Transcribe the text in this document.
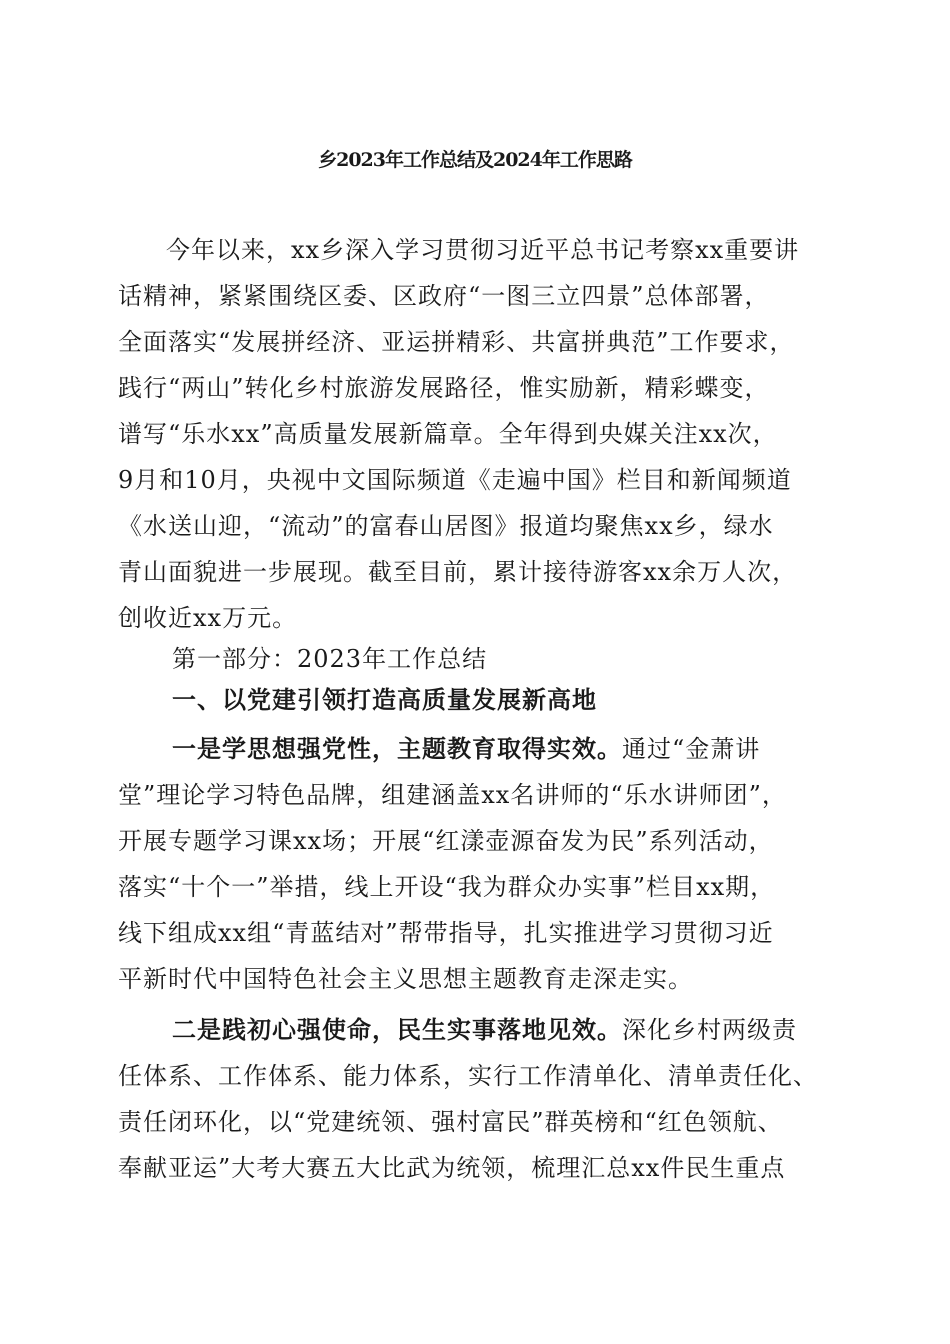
乡2023年工作总结及2024年工作思路
今年以来，xx乡深入学习贯彻习近平总书记考察xx重要讲
话精神，紧紧围绕区委、区政府“一图三立四景”总体部署，
全面落实“发展拼经济、亚运拼精彩、共富拼典范”工作要求，
践行“两山”转化乡村旅游发展路径，惟实励新，精彩蝶变，
谱写“乐水xx”高质量发展新篇章。全年得到央媒关注xx次，
9月和10月，央视中文国际频道《走遍中国》栏目和新闻频道
《水送山迎，“流动”的富春山居图》报道均聚焦xx乡，绿水
青山面貌进一步展现。截至目前，累计接待游客xx余万人次，
创收近xx万元。
第一部分：2023年工作总结
一、以党建引领打造高质量发展新高地
一是学思想强党性，主题教育取得实效。通过“金萧讲
堂”理论学习特色品牌，组建涵盖xx名讲师的“乐水讲师团”，
开展专题学习课xx场；开展“红漾壶源奋发为民”系列活动，
落实“十个一”举措，线上开设“我为群众办实事”栏目xx期，
线下组成xx组“青蓝结对”帮带指导，扎实推进学习贯彻习近
平新时代中国特色社会主义思想主题教育走深走实。
二是践初心强使命，民生实事落地见效。深化乡村两级责
任体系、工作体系、能力体系，实行工作清单化、清单责任化、
责任闭环化，以“党建统领、强村富民”群英榜和“红色领航、
奉献亚运”大考大赛五大比武为统领，梳理汇总xx件民生重点
